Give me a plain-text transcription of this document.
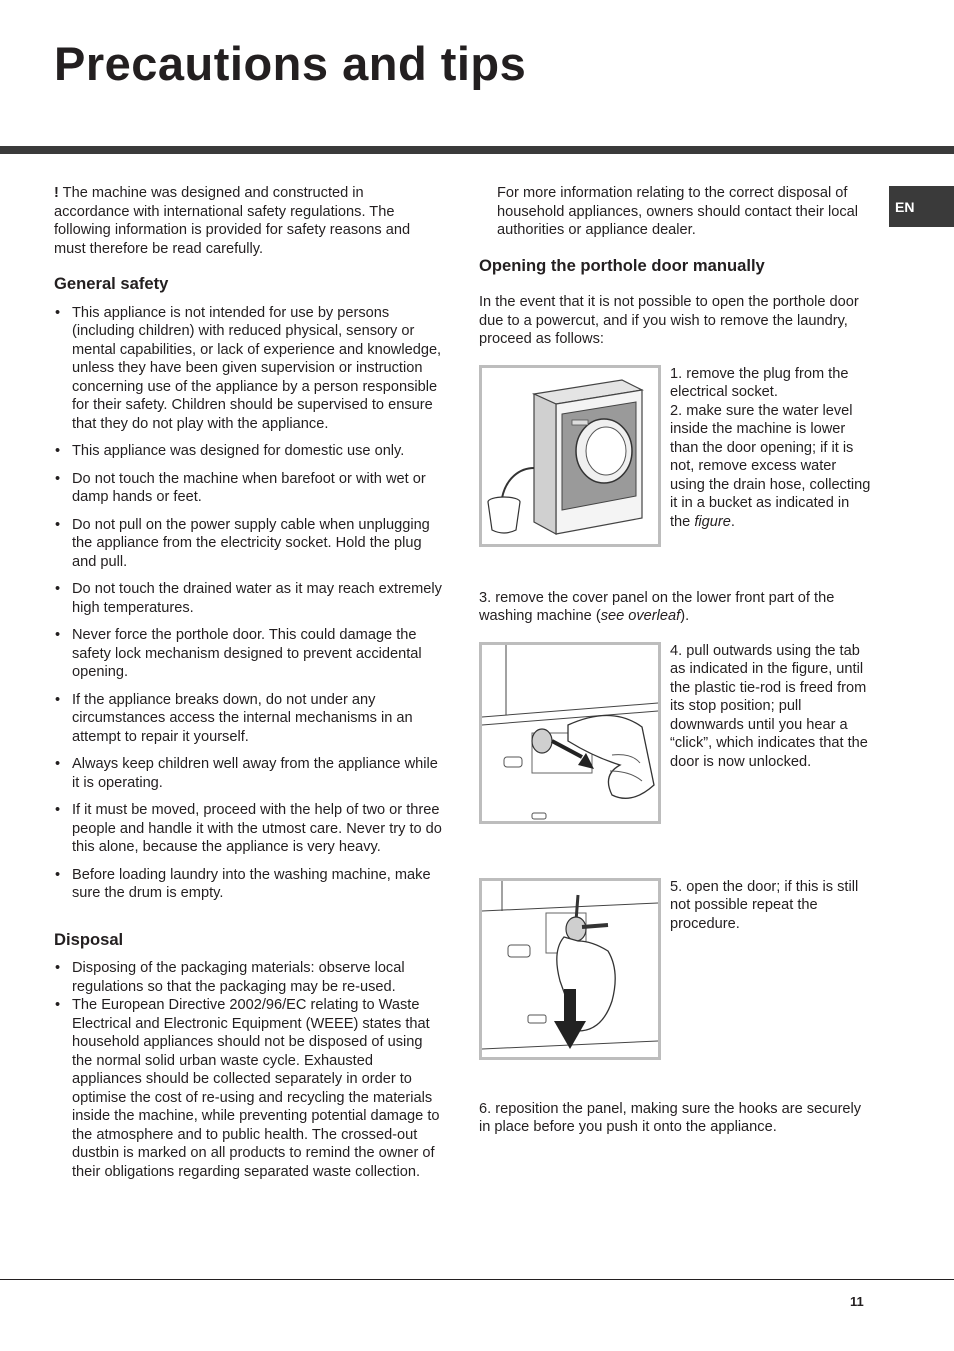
Precautions and tips
EN

! The machine was designed and constructed in accordance with international safety regulations. The following information is provided for safety reasons and must therefore be read carefully.

General safety
• This appliance is not intended for use by persons (including children) with reduced physical, sensory or mental capabilities, or lack of experience and knowledge, unless they have been given supervision or instruction concerning use of the appliance by a person responsible for their safety. Children should be supervised to ensure that they do not play with the appliance.
• This appliance was designed for domestic use only.
• Do not touch the machine when barefoot or with wet or damp hands or feet.
• Do not pull on the power supply cable when unplugging the appliance from the electricity socket. Hold the plug and pull.
• Do not touch the drained water as it may reach extremely high temperatures.
• Never force the porthole door. This could damage the safety lock mechanism designed to prevent accidental opening.
• If the appliance breaks down, do not under any circumstances access the internal mechanisms in an attempt to repair it yourself.
• Always keep children well away from the appliance while it is operating.
• If it must be moved, proceed with the help of two or three people and handle it with the utmost care. Never try to do this alone, because the appliance is very heavy.
• Before loading laundry into the washing machine, make sure the drum is empty.
Disposal
• Disposing of the packaging materials: observe local regulations so that the packaging may be re-used.
• The European Directive 2002/96/EC relating to Waste Electrical and Electronic Equipment (WEEE) states that household appliances should not be disposed of using the normal solid urban waste cycle. Exhausted appliances should be collected separately in order to optimise the cost of re-using and recycling the materials inside the machine, while preventing potential damage to the atmosphere and to public health. The crossed-out dustbin is marked on all products to remind the owner of their obligations regarding separated waste collection.

For more information relating to the correct disposal of household appliances, owners should contact their local authorities or appliance dealer.

Opening the porthole door manually

In the event that it is not possible to open the porthole door due to a powercut, and if you wish to remove the laundry, proceed as follows:

1. remove the plug from the electrical socket.

2. make sure the water level inside the machine is lower than the door opening; if it is not, remove excess water using the drain hose, collecting it in a bucket as indicated in the figure.

3. remove the cover panel on the lower front part of the washing machine (see overleaf).

4. pull outwards using the tab as indicated in the figure, until the plastic tie-rod is freed from its stop position; pull downwards until you hear a “click”, which indicates that the door is now unlocked.

5. open the door; if this is still not possible repeat the procedure.

6. reposition the panel, making sure the hooks are securely in place before you push it onto the appliance.

11
